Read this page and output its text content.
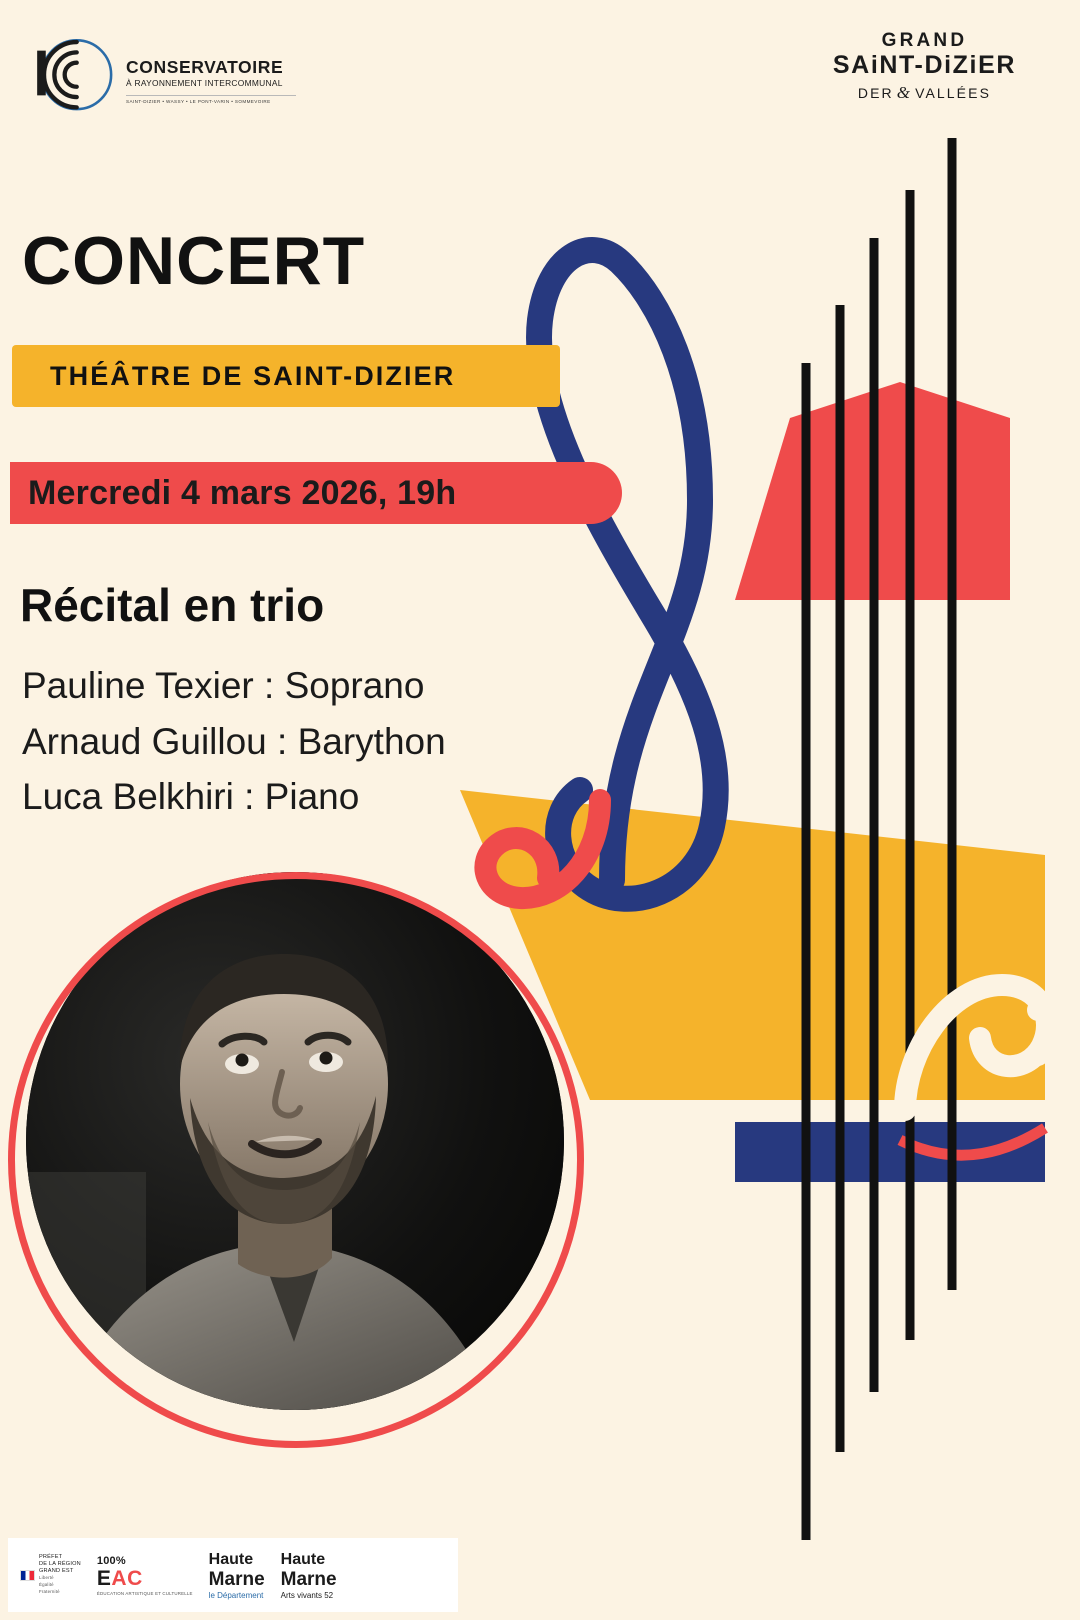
CONSERVATOIRE
À RAYONNEMENT INTERCOMMUNAL
SAINT-DIZIER • WASSY • LE PONT-VARIN • SOMMEVOIRE
GRAND
SAiNT-DiZiER
DER & VALLÉES
CONCERT
THÉÂTRE DE SAINT-DIZIER
Mercredi 4 mars 2026, 19h
Récital en trio
Pauline Texier : Soprano
Arnaud Guillou : Barython
Luca Belkhiri : Piano
PRÉFET
DE LA RÉGION
GRAND EST
Liberté
Égalité
Fraternité
100%
EAC
ÉDUCATION ARTISTIQUE ET CULTURELLE
Haute
Marne
le Département
Haute
Marne
Arts vivants 52
